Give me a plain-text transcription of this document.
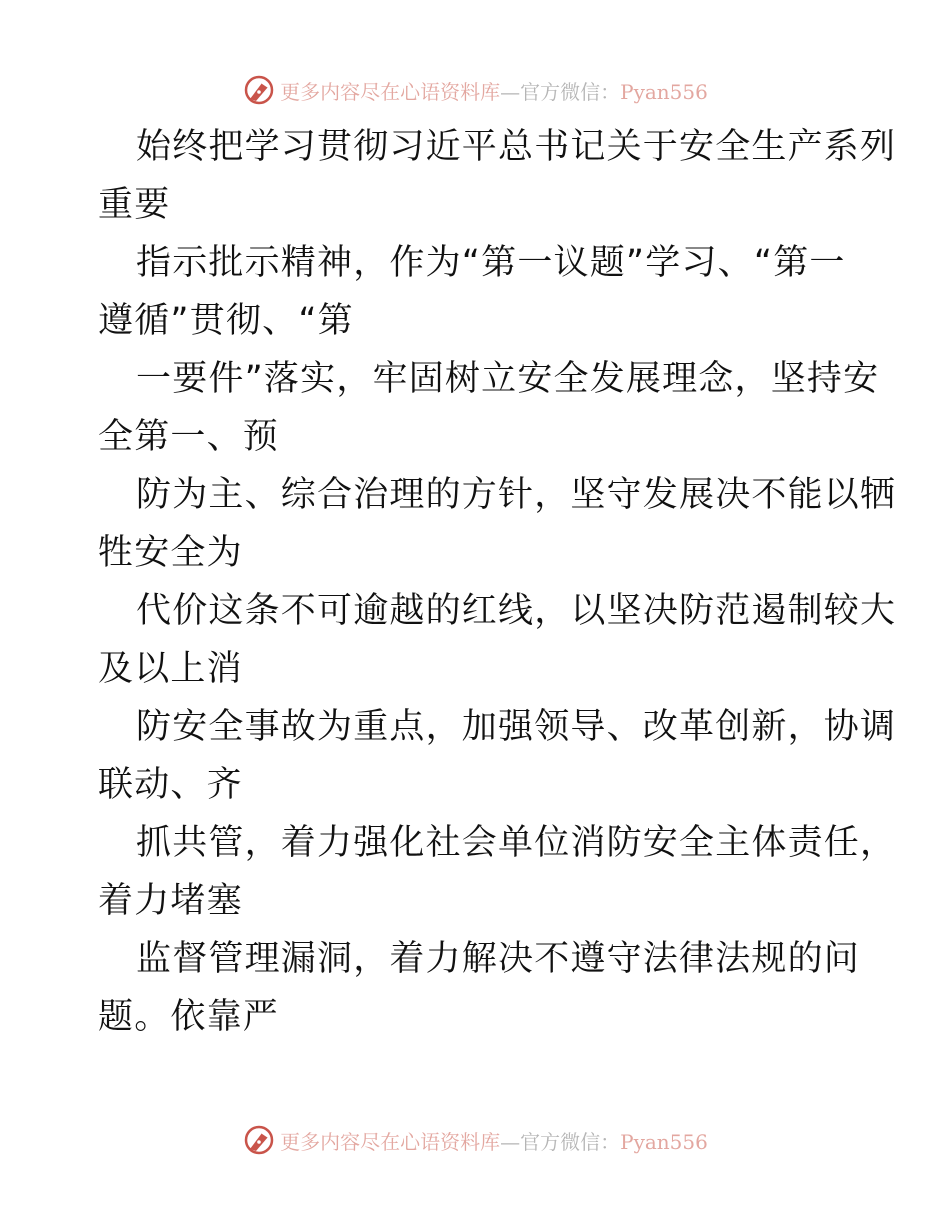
更多内容尽在心语资料库—官方微信：Pyan556

始终把学习贯彻习近平总书记关于安全生产系列
重要

指示批示精神，作为“第一议题”学习、“第一
遵循”贯彻、“第

一要件”落实，牢固树立安全发展理念，坚持安
全第一、预

防为主、综合治理的方针，坚守发展决不能以牺
牲安全为

代价这条不可逾越的红线，以坚决防范遏制较大
及以上消

防安全事故为重点，加强领导、改革创新，协调
联动、齐

抓共管，着力强化社会单位消防安全主体责任，
着力堵塞

监督管理漏洞，着力解决不遵守法律法规的问
题。依靠严

更多内容尽在心语资料库—官方微信：Pyan556
